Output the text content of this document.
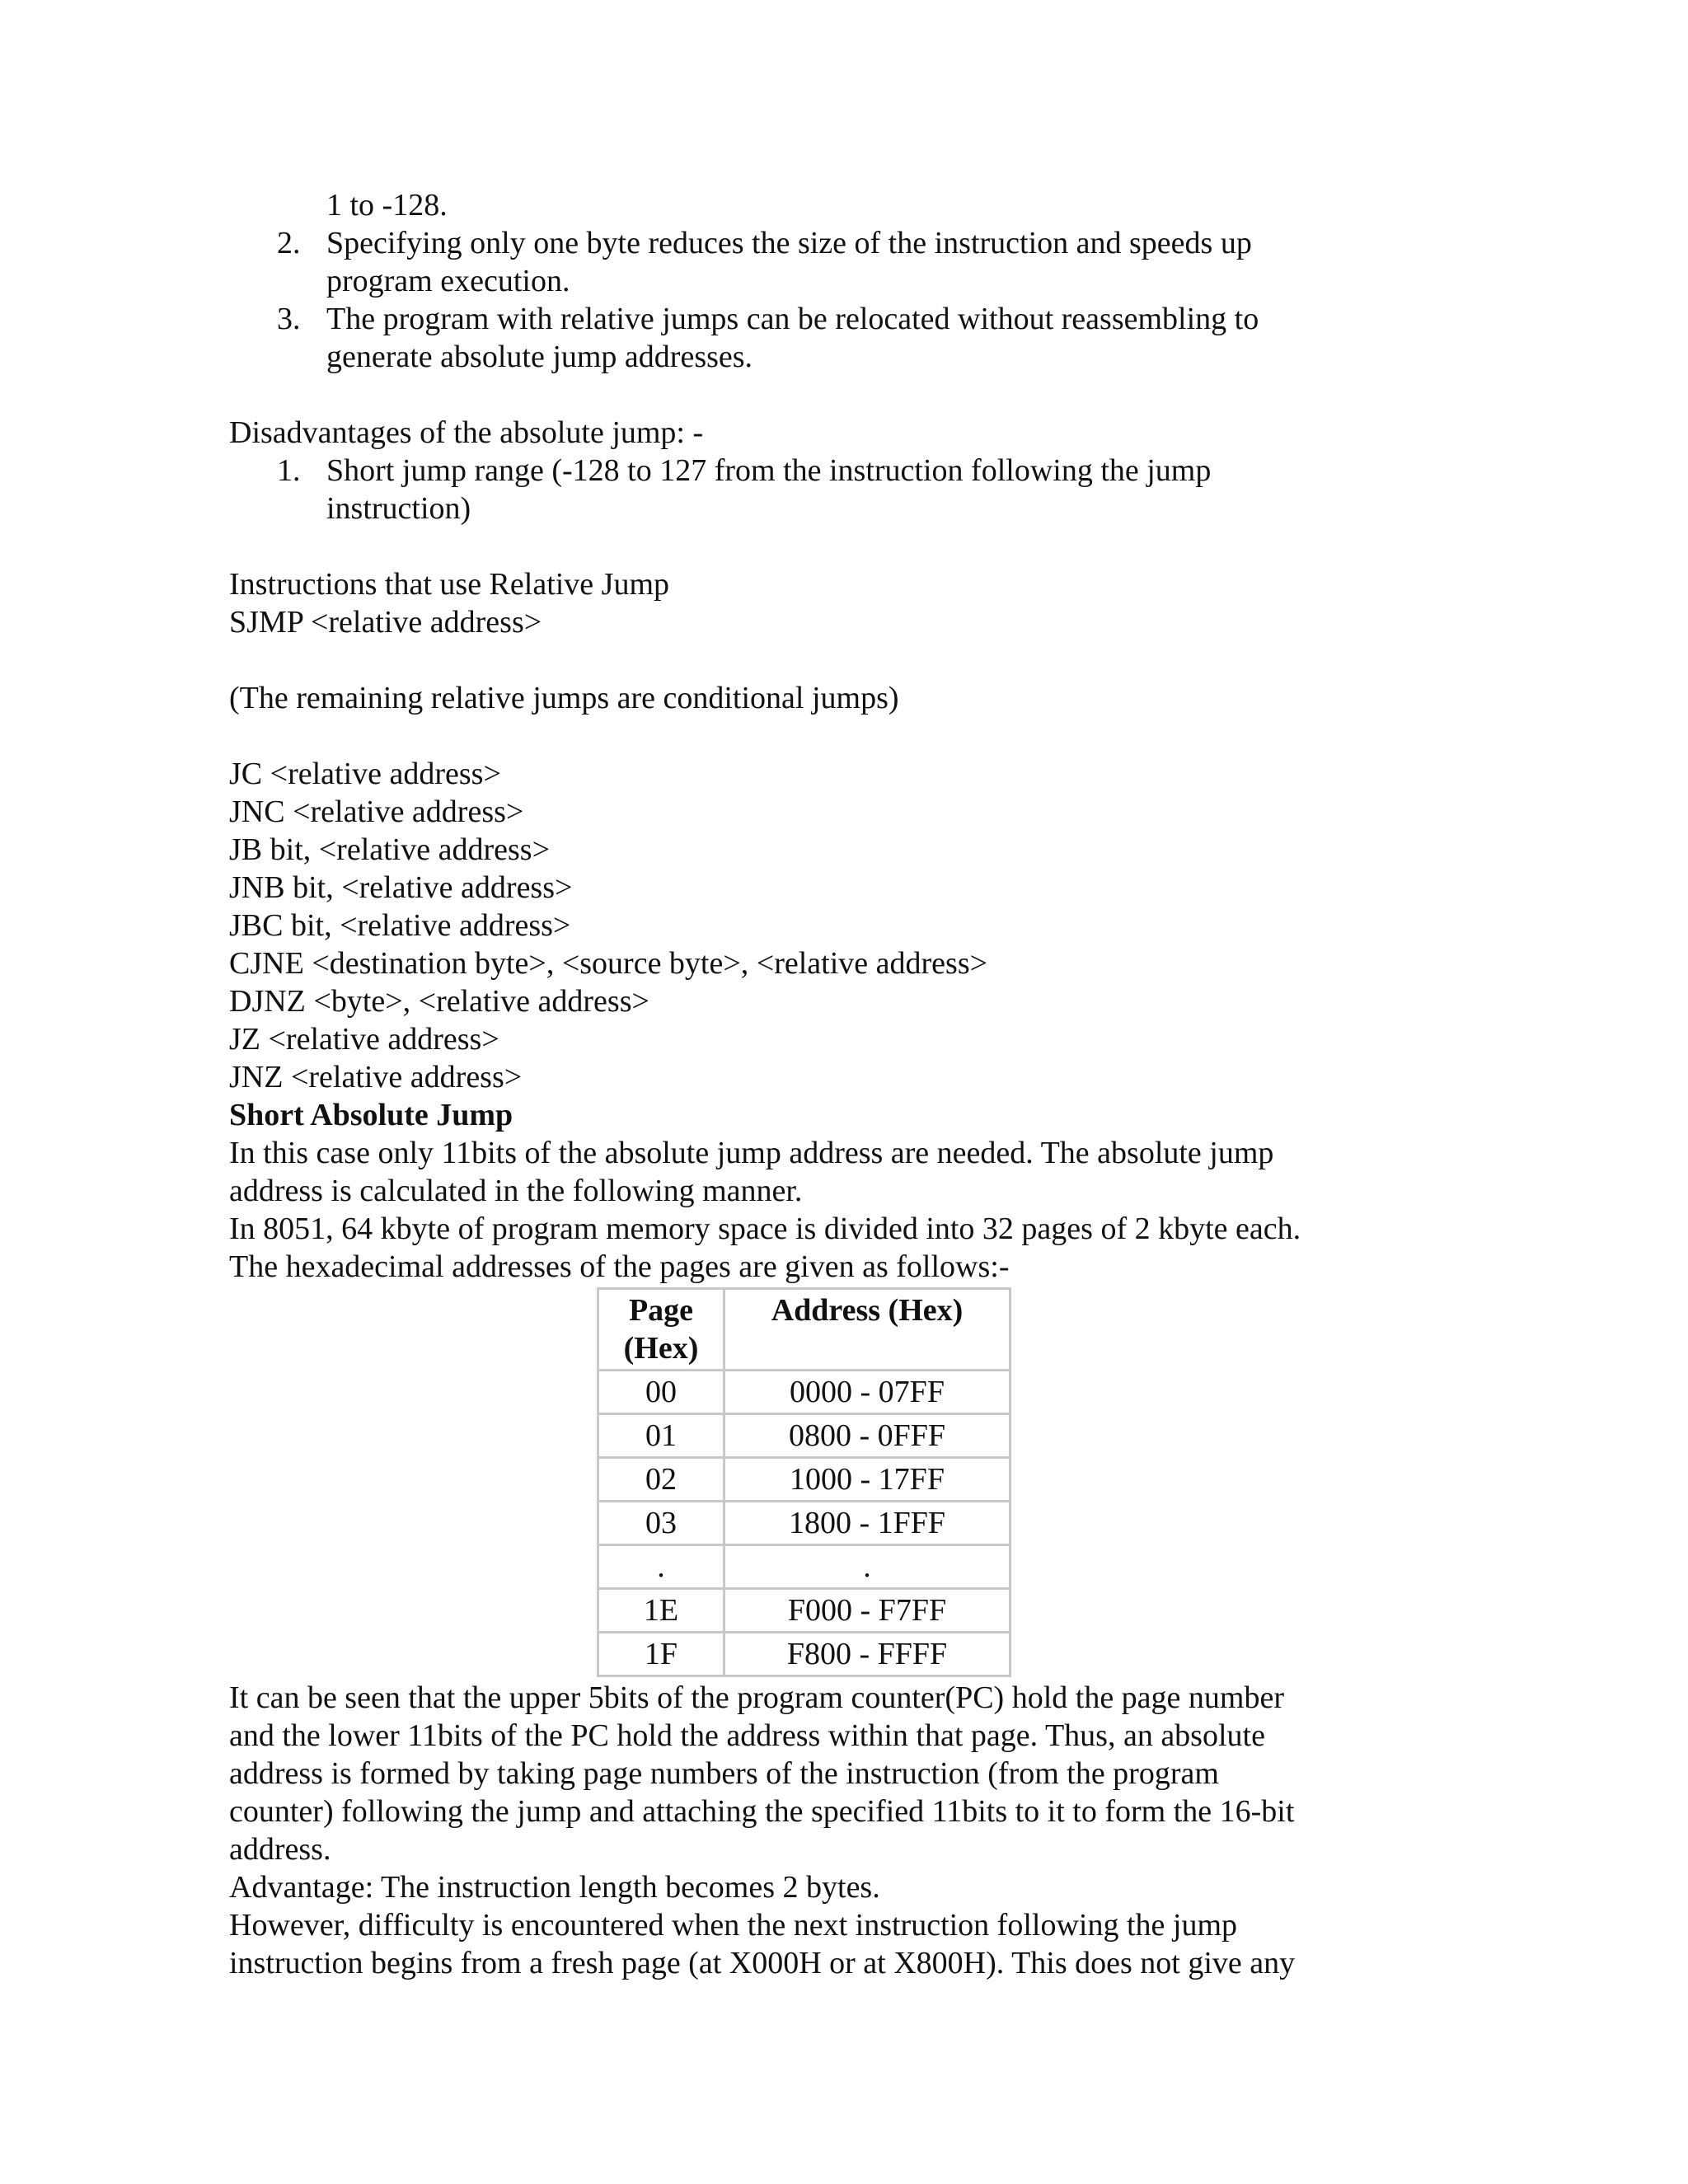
1 to -128.
2. Specifying only one byte reduces the size of the instruction and speeds up
program execution.
3. The program with relative jumps can be relocated without reassembling to
generate absolute jump addresses.
Disadvantages of the absolute jump: -
1. Short jump range (-128 to 127 from the instruction following the jump
instruction)
Instructions that use Relative Jump
SJMP <relative address>
(The remaining relative jumps are conditional jumps)
JC <relative address>
JNC <relative address>
JB bit, <relative address>
JNB bit, <relative address>
JBC bit, <relative address>
CJNE <destination byte>, <source byte>, <relative address>
DJNZ <byte>, <relative address>
JZ <relative address>
JNZ <relative address>
Short Absolute Jump
In this case only 11bits of the absolute jump address are needed. The absolute jump
address is calculated in the following manner.
In 8051, 64 kbyte of program memory space is divided into 32 pages of 2 kbyte each.
The hexadecimal addresses of the pages are given as follows:-
Page
(Hex)	Address (Hex)
00	0000 - 07FF
01	0800 - 0FFF
02	1000 - 17FF
03	1800 - 1FFF
.	.
1E	F000 - F7FF
1F	F800 - FFFF
It can be seen that the upper 5bits of the program counter(PC) hold the page number
and the lower 11bits of the PC hold the address within that page. Thus, an absolute
address is formed by taking page numbers of the instruction (from the program
counter) following the jump and attaching the specified 11bits to it to form the 16-bit
address.
Advantage: The instruction length becomes 2 bytes.
However, difficulty is encountered when the next instruction following the jump
instruction begins from a fresh page (at X000H or at X800H). This does not give any
